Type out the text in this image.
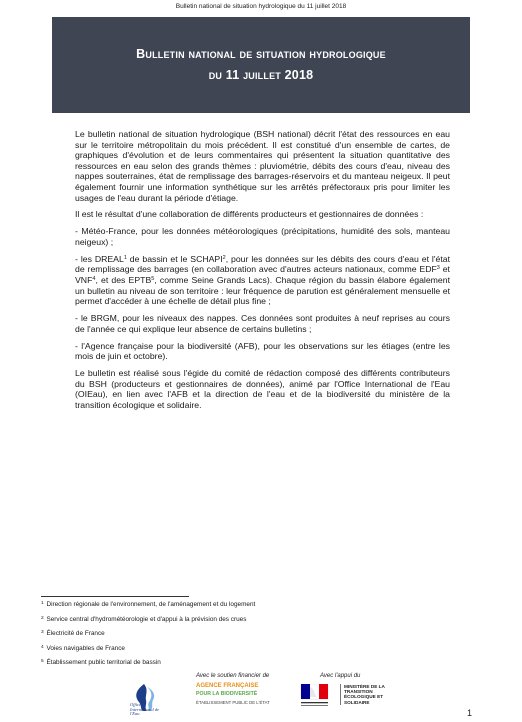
Bulletin national de situation hydrologique du 11 juillet 2018
Bulletin national de situation hydrologique
du 11 juillet 2018

Le bulletin national de situation hydrologique (BSH national) décrit l'état des ressources en eau sur le territoire métropolitain du mois précédent. Il est constitué d'un ensemble de cartes, de graphiques d'évolution et de leurs commentaires qui présentent la situation quantitative des ressources en eau selon des grands thèmes : pluviométrie, débits des cours d'eau, niveau des nappes souterraines, état de remplissage des barrages-réservoirs et du manteau neigeux. Il peut également fournir une information synthétique sur les arrêtés préfectoraux pris pour limiter les usages de l'eau durant la période d'étiage.

Il est le résultat d'une collaboration de différents producteurs et gestionnaires de données :

- Météo-France, pour les données météorologiques (précipitations, humidité des sols, manteau neigeux) ;

- les DREAL$^1$ de bassin et le SCHAPI$^2$, pour les données sur les débits des cours d'eau et l'état de remplissage des barrages (en collaboration avec d'autres acteurs nationaux, comme EDF$^3$ et VNF$^4$, et des EPTB$^5$, comme Seine Grands Lacs). Chaque région du bassin élabore également un bulletin au niveau de son territoire : leur fréquence de parution est généralement mensuelle et permet d'accéder à une échelle de détail plus fine ;

- le BRGM, pour les niveaux des nappes. Ces données sont produites à neuf reprises au cours de l'année ce qui explique leur absence de certains bulletins ;

- l'Agence française pour la biodiversité (AFB), pour les observations sur les étiages (entre les mois de juin et octobre).

Le bulletin est réalisé sous l'égide du comité de rédaction composé des différents contributeurs du BSH (producteurs et gestionnaires de données), animé par l'Office International de l'Eau (OIEau), en lien avec l'AFB et la direction de l'eau et de la biodiversité du ministère de la transition écologique et solidaire.

$^1$ Direction régionale de l'environnement, de l'aménagement et du logement
$^2$ Service central d'hydrométéorologie et d'appui à la prévision des crues
$^3$ Électricité de France
$^4$ Voies navigables de France
$^5$ Établissement public territorial de bassin
Avec le soutien financier de	Avec l'appui du
Office International de l'Eau
AGENCE FRANÇAISE
POUR LA BIODIVERSITÉ
ÉTABLISSEMENT PUBLIC DE L'ÉTAT
MINISTÈRE DE LA TRANSITION ÉCOLOGIQUE ET SOLIDAIRE
1
